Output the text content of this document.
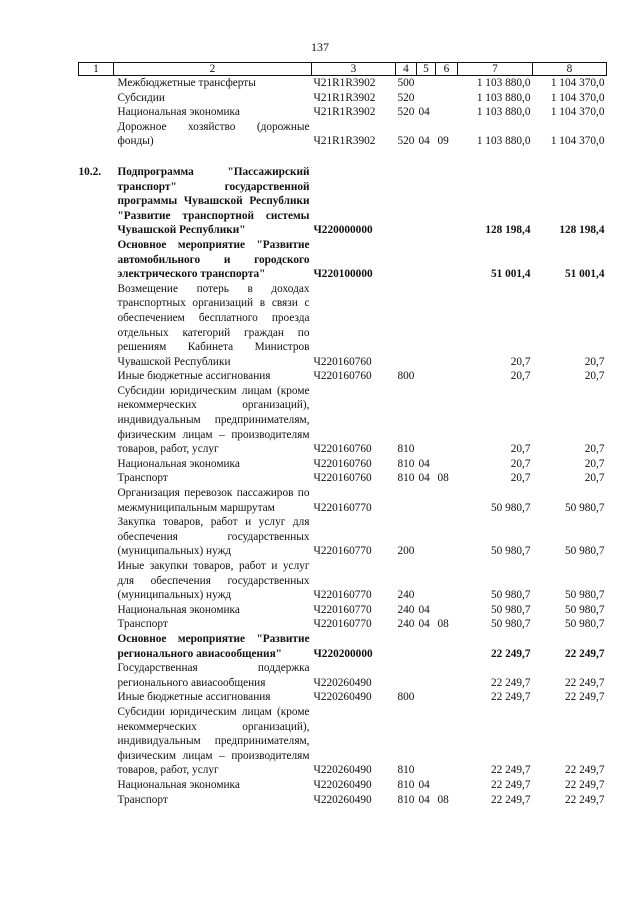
137
1	2	3	4	5	6	7	8
	Межбюджетные трансферты	Ч21R1R3902	500			1 103 880,0	1 104 370,0
	Субсидии	Ч21R1R3902	520			1 103 880,0	1 104 370,0
	Национальная экономика	Ч21R1R3902	520	04		1 103 880,0	1 104 370,0
	Дорожное хозяйство (дорожные фонды)	Ч21R1R3902	520	04	09	1 103 880,0	1 104 370,0

10.2.	Подпрограмма "Пассажирский транспорт" государственной программы Чувашской Республики "Развитие транспортной системы Чувашской Республики"	Ч220000000				128 198,4	128 198,4
	Основное мероприятие "Развитие автомобильного и городского электрического транспорта"	Ч220100000				51 001,4	51 001,4
	Возмещение потерь в доходах транспортных организаций в связи с обеспечением бесплатного проезда отдельных категорий граждан по решениям Кабинета Министров Чувашской Республики	Ч220160760				20,7	20,7
	Иные бюджетные ассигнования	Ч220160760	800			20,7	20,7
	Субсидии юридическим лицам (кроме некоммерческих организаций), индивидуальным предпринимателям, физическим лицам – производителям товаров, работ, услуг	Ч220160760	810			20,7	20,7
	Национальная экономика	Ч220160760	810	04		20,7	20,7
	Транспорт	Ч220160760	810	04	08	20,7	20,7
	Организация перевозок пассажиров по межмуниципальным маршрутам	Ч220160770				50 980,7	50 980,7
	Закупка товаров, работ и услуг для обеспечения государственных (муниципальных) нужд	Ч220160770	200			50 980,7	50 980,7
	Иные закупки товаров, работ и услуг для обеспечения государственных (муниципальных) нужд	Ч220160770	240			50 980,7	50 980,7
	Национальная экономика	Ч220160770	240	04		50 980,7	50 980,7
	Транспорт	Ч220160770	240	04	08	50 980,7	50 980,7
	Основное мероприятие "Развитие регионального авиасообщения"	Ч220200000				22 249,7	22 249,7
	Государственная поддержка регионального авиасообщения	Ч220260490				22 249,7	22 249,7
	Иные бюджетные ассигнования	Ч220260490	800			22 249,7	22 249,7
	Субсидии юридическим лицам (кроме некоммерческих организаций), индивидуальным предпринимателям, физическим лицам – производителям товаров, работ, услуг	Ч220260490	810			22 249,7	22 249,7
	Национальная экономика	Ч220260490	810	04		22 249,7	22 249,7
	Транспорт	Ч220260490	810	04	08	22 249,7	22 249,7
